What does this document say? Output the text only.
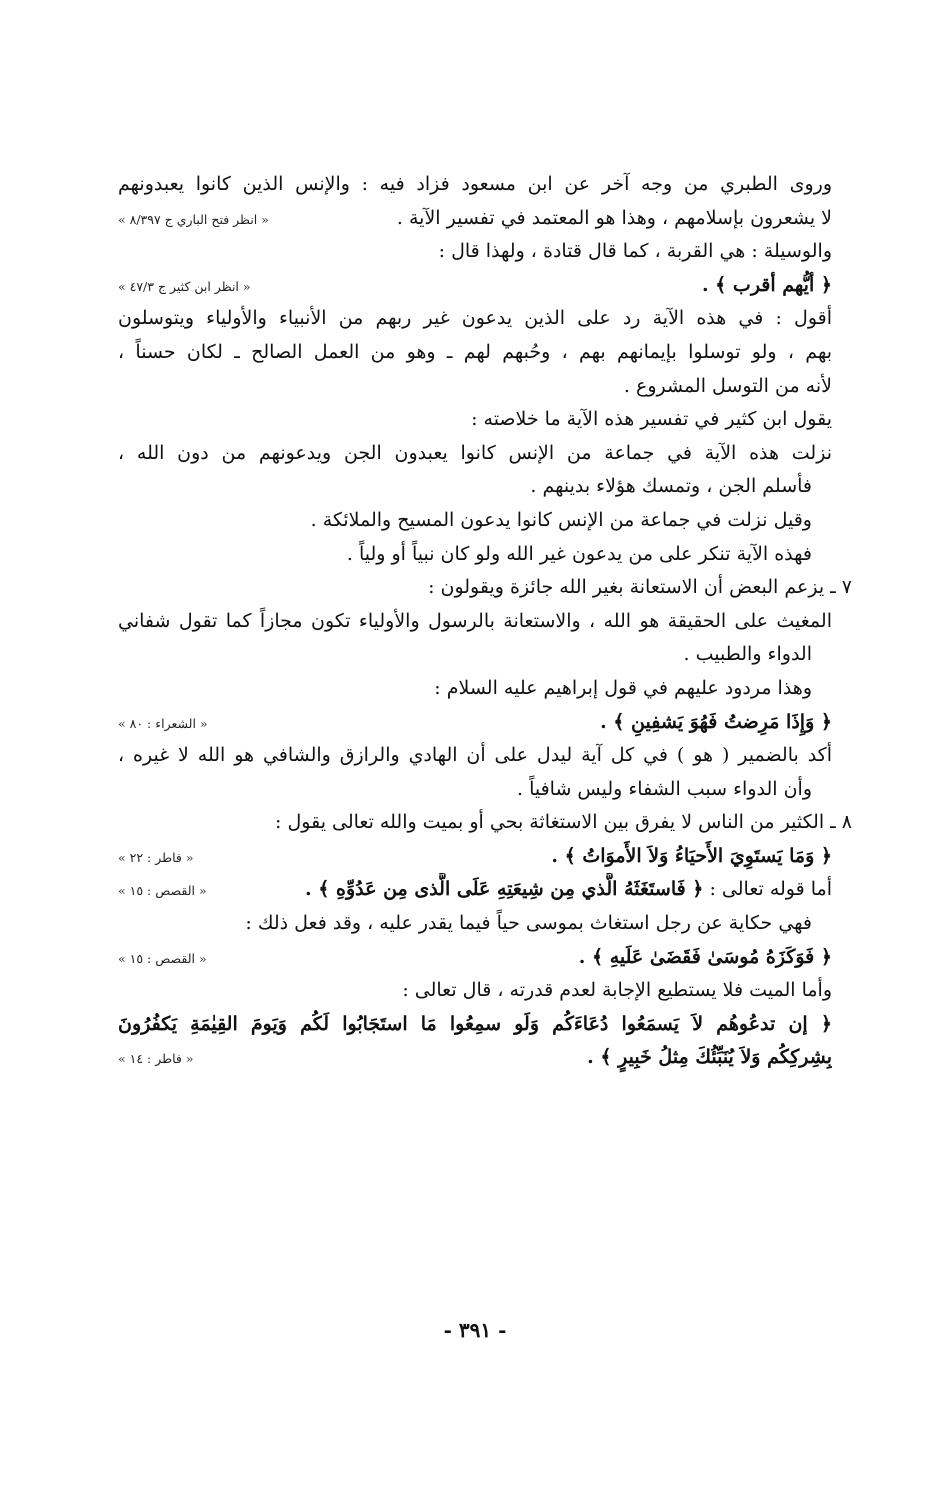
وروى الطبري من وجه آخر عن ابن مسعود فزاد فيه : والإنس الذين كانوا يعبدونهم
لا يشعرون بإسلامهم ، وهذا هو المعتمد في تفسير الآية .
« انظر فتح الباري ج ٨/٣٩٧ »
والوسيلة : هي القربة ، كما قال قتادة ، ولهذا قال :
﴿ أيُّهم أقرب ﴾ .
« انظر ابن كثير ج ٤٧/٣ »
أقول : في هذه الآية رد على الذين يدعون غير ربهم من الأنبياء والأولياء ويتوسلون
بهم ، ولو توسلوا بإيمانهم بهم ، وحُبهم لهم ـ وهو من العمل الصالح ـ لكان حسناً ،
لأنه من التوسل المشروع .
يقول ابن كثير في تفسير هذه الآية ما خلاصته :
نزلت هذه الآية في جماعة من الإنس كانوا يعبدون الجن ويدعونهم من دون الله ،
فأسلم الجن ، وتمسك هؤلاء بدينهم .
وقيل نزلت في جماعة من الإنس كانوا يدعون المسيح والملائكة .
فهذه الآية تنكر على من يدعون غير الله ولو كان نبياً أو ولياً .
٧ ـ يزعم البعض أن الاستعانة بغير الله جائزة ويقولون :
المغيث على الحقيقة هو الله ، والاستعانة بالرسول والأولياء تكون مجازاً كما تقول شفاني
الدواء والطبيب .
وهذا مردود عليهم في قول إبراهيم عليه السلام :
﴿ وَإِذَا مَرِضتُ فَهُوَ يَشفِينِ ﴾ .
« الشعراء : ٨٠ »
أكد بالضمير ( هو ) في كل آية ليدل على أن الهادي والرازق والشافي هو الله لا غيره ،
وأن الدواء سبب الشفاء وليس شافياً .
٨ ـ الكثير من الناس لا يفرق بين الاستغاثة بحي أو بميت والله تعالى يقول :
﴿ وَمَا يَستَوِيَ الأَحيَاءُ وَلاَ الأَموَاتُ ﴾ .
« فاطر : ٢٢ »
أما قوله تعالى : ﴿ فَاستَغَثَهُ الَّذي مِن شِيعَتِهِ عَلَى الَّذى مِن عَدُوِّهِ ﴾ .
« القصص : ١٥ »
فهي حكاية عن رجل استغاث بموسى حياً فيما يقدر عليه ، وقد فعل ذلك :
﴿ فَوَكَزَهُ مُوسَىٰ فَقَضَىٰ عَلَيهِ ﴾ .
« القصص : ١٥ »
وأما الميت فلا يستطيع الإجابة لعدم قدرته ، قال تعالى :
﴿ إن تدعُوهُم لاَ يَسمَعُوا دُعَاءَكُم وَلَو سمِعُوا مَا استَجَابُوا لَكُم وَيَومَ القِيٰمَةِ يَكفُرُونَ
بِشِركِكُم وَلاَ يُنَبِّئُكَ مِثلُ خَبِيرٍ ﴾ .
« فاطر : ١٤ »
- ٣٩١ -
